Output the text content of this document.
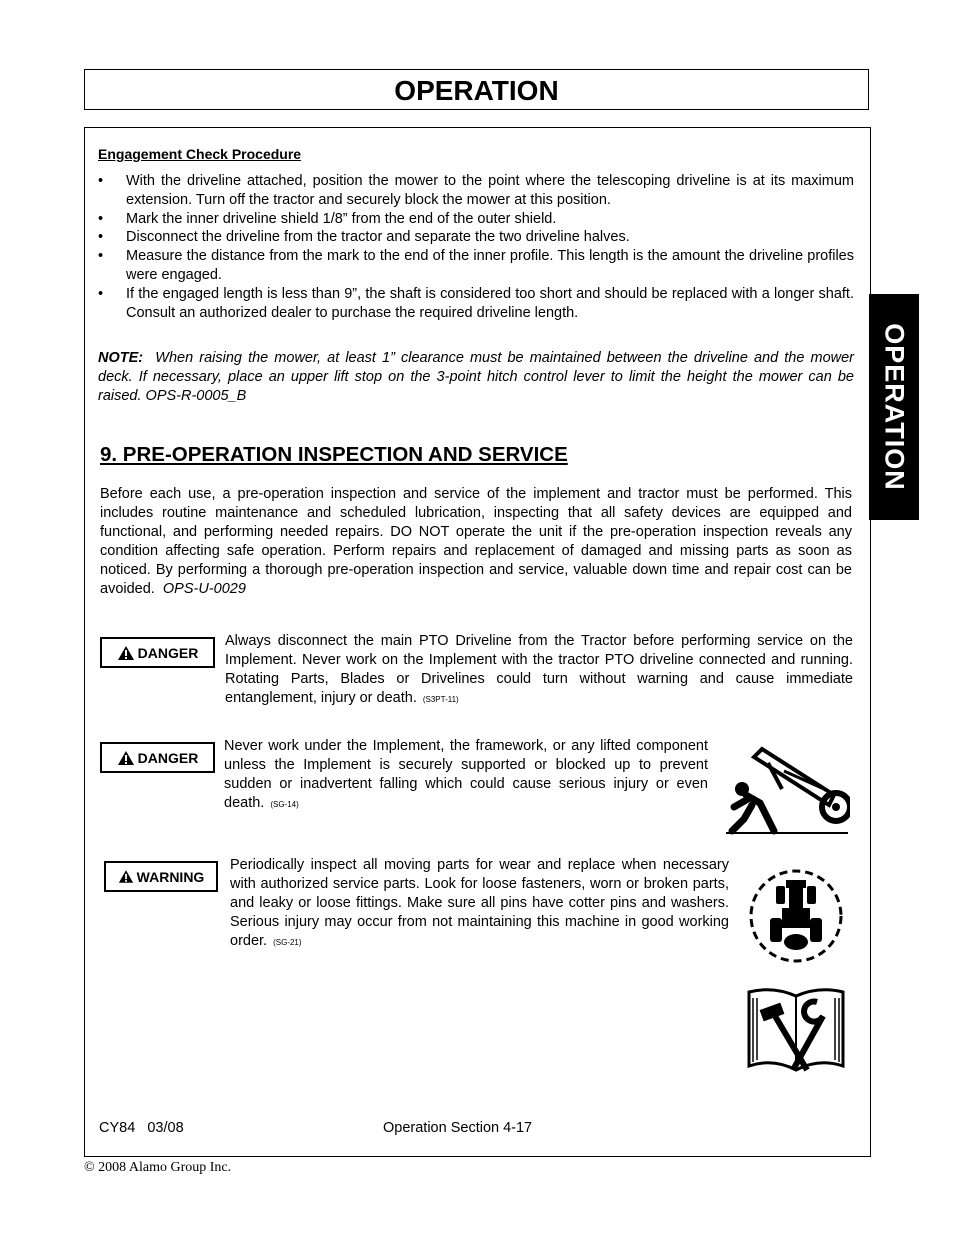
OPERATION
OPERATION
Engagement Check Procedure
•	With the driveline attached, position the mower to the point where the telescoping driveline is at its maximum extension. Turn off the tractor and securely block the mower at this position.
•	Mark the inner driveline shield 1/8” from the end of the outer shield.
•	Disconnect the driveline from the tractor and separate the two driveline halves.
•	Measure the distance from the mark to the end of the inner profile. This length is the amount the driveline profiles were engaged.
•	If the engaged length is less than 9”, the shaft is considered too short and should be replaced with a longer shaft. Consult an authorized dealer to purchase the required driveline length.
NOTE: When raising the mower, at least 1” clearance must be maintained between the driveline and the mower deck. If necessary, place an upper lift stop on the 3-point hitch control lever to limit the height the mower can be raised. OPS-R-0005_B
9. PRE-OPERATION INSPECTION AND SERVICE
Before each use, a pre-operation inspection and service of the implement and tractor must be performed. This includes routine maintenance and scheduled lubrication, inspecting that all safety devices are equipped and functional, and performing needed repairs. DO NOT operate the unit if the pre-operation inspection reveals any condition affecting safe operation. Perform repairs and replacement of damaged and missing parts as soon as noticed. By performing a thorough pre-operation inspection and service, valuable down time and repair cost can be avoided. OPS-U-0029
DANGER
Always disconnect the main PTO Driveline from the Tractor before performing service on the Implement. Never work on the Implement with the tractor PTO driveline connected and running. Rotating Parts, Blades or Drivelines could turn without warning and cause immediate entanglement, injury or death. (S3PT-11)
DANGER
Never work under the Implement, the framework, or any lifted component unless the Implement is securely supported or blocked up to prevent sudden or inadvertent falling which could cause serious injury or even death. (SG-14)
WARNING
Periodically inspect all moving parts for wear and replace when necessary with authorized service parts. Look for loose fasteners, worn or broken parts, and leaky or loose fittings. Make sure all pins have cotter pins and washers. Serious injury may occur from not maintaining this machine in good working order. (SG-21)
CY84   03/08	Operation Section 4-17
© 2008 Alamo Group Inc.
